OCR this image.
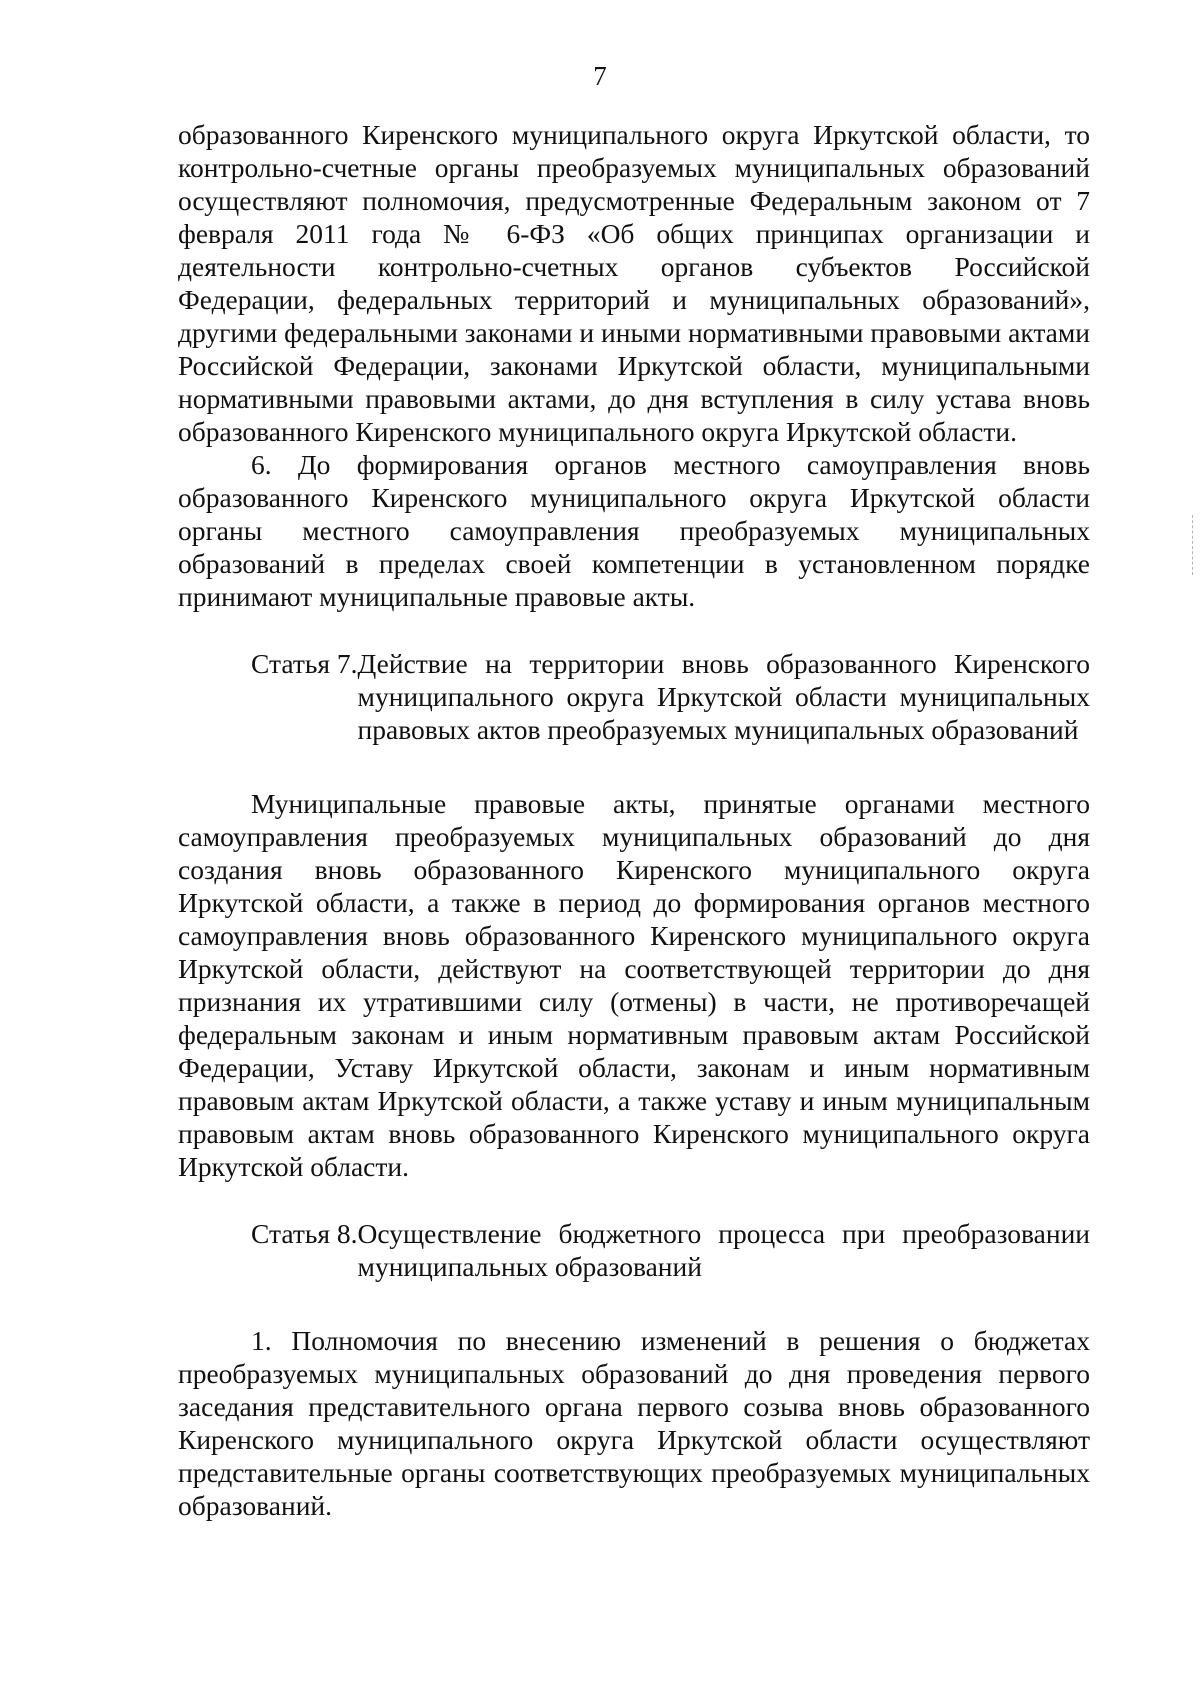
7

образованного Киренского муниципального округа Иркутской области, то контрольно-счетные органы преобразуемых муниципальных образований осуществляют полномочия, предусмотренные Федеральным законом от 7 февраля 2011 года № 6-ФЗ «Об общих принципах организации и деятельности контрольно-счетных органов субъектов Российской Федерации, федеральных территорий и муниципальных образований», другими федеральными законами и иными нормативными правовыми актами Российской Федерации, законами Иркутской области, муниципальными нормативными правовыми актами, до дня вступления в силу устава вновь образованного Киренского муниципального округа Иркутской области.

6. До формирования органов местного самоуправления вновь образованного Киренского муниципального округа Иркутской области органы местного самоуправления преобразуемых муниципальных образований в пределах своей компетенции в установленном порядке принимают муниципальные правовые акты.

Статья 7. Действие на территории вновь образованного Киренского муниципального округа Иркутской области муниципальных правовых актов преобразуемых муниципальных образований

Муниципальные правовые акты, принятые органами местного самоуправления преобразуемых муниципальных образований до дня создания вновь образованного Киренского муниципального округа Иркутской области, а также в период до формирования органов местного самоуправления вновь образованного Киренского муниципального округа Иркутской области, действуют на соответствующей территории до дня признания их утратившими силу (отмены) в части, не противоречащей федеральным законам и иным нормативным правовым актам Российской Федерации, Уставу Иркутской области, законам и иным нормативным правовым актам Иркутской области, а также уставу и иным муниципальным правовым актам вновь образованного Киренского муниципального округа Иркутской области.

Статья 8. Осуществление бюджетного процесса при преобразовании муниципальных образований

1. Полномочия по внесению изменений в решения о бюджетах преобразуемых муниципальных образований до дня проведения первого заседания представительного органа первого созыва вновь образованного Киренского муниципального округа Иркутской области осуществляют представительные органы соответствующих преобразуемых муниципальных образований.
